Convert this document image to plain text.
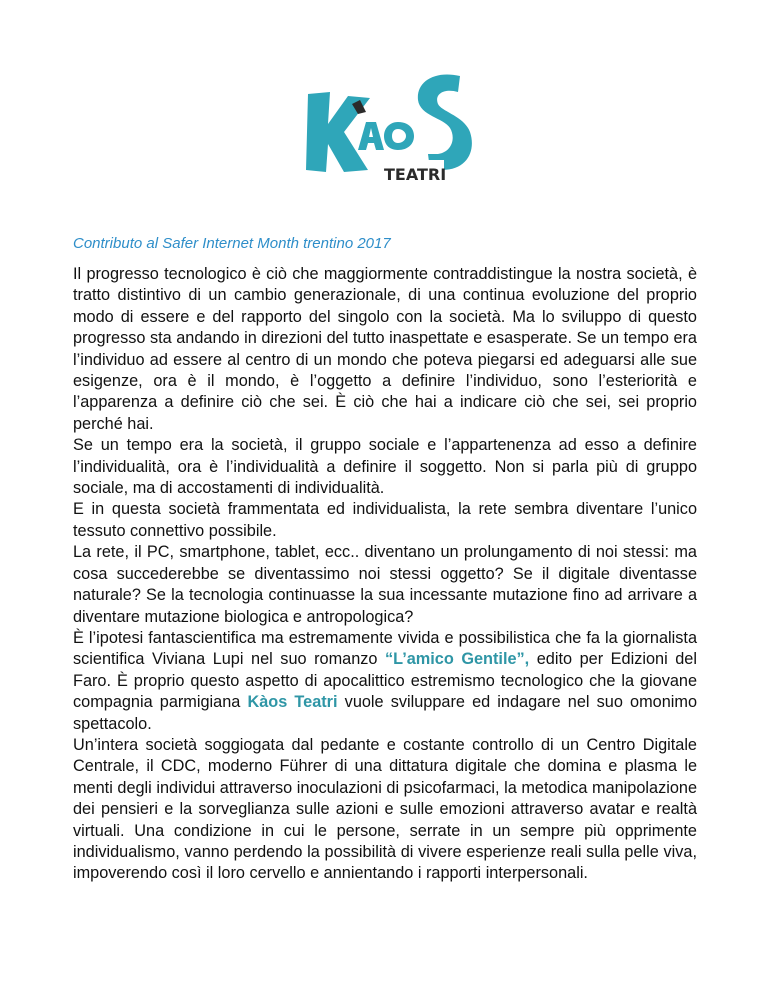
TEATRI
Contributo al Safer Internet Month trentino 2017

Il progresso tecnologico è ciò che maggiormente contraddistingue la nostra società, è tratto distintivo di un cambio generazionale, di una continua evoluzione del proprio modo di essere e del rapporto del singolo con la società. Ma lo sviluppo di questo progresso sta andando in direzioni del tutto inaspettate e esasperate. Se un tempo era l’individuo ad essere al centro di un mondo che poteva piegarsi ed adeguarsi alle sue esigenze, ora è il mondo, è l’oggetto a definire l’individuo, sono l’esteriorità e l’apparenza a definire ciò che sei. È ciò che hai a indicare ciò che sei, sei proprio perché hai.

Se un tempo era la società, il gruppo sociale e l’appartenenza ad esso a definire l’individualità, ora è l’individualità a definire il soggetto. Non si parla più di gruppo sociale, ma di accostamenti di individualità.

E in questa società frammentata ed individualista, la rete sembra diventare l’unico tessuto connettivo possibile.

La rete, il PC, smartphone, tablet, ecc.. diventano un prolungamento di noi stessi: ma cosa succederebbe se diventassimo noi stessi oggetto? Se il digitale diventasse naturale? Se la tecnologia continuasse la sua incessante mutazione fino ad arrivare a diventare mutazione biologica e antropologica?

È l’ipotesi fantascientifica ma estremamente vivida e possibilistica che fa la giornalista scientifica Viviana Lupi nel suo romanzo “L’amico Gentile”, edito per Edizioni del Faro. È proprio questo aspetto di apocalittico estremismo tecnologico che la giovane compagnia parmigiana Kàos Teatri vuole sviluppare ed indagare nel suo omonimo spettacolo.

Un’intera società soggiogata dal pedante e costante controllo di un Centro Digitale Centrale, il CDC, moderno Führer di una dittatura digitale che domina e plasma le menti degli individui attraverso inoculazioni di psicofarmaci, la metodica manipolazione dei pensieri e la sorveglianza sulle azioni e sulle emozioni attraverso avatar e realtà virtuali. Una condizione in cui le persone, serrate in un sempre più opprimente individualismo, vanno perdendo la possibilità di vivere esperienze reali sulla pelle viva, impoverendo così il loro cervello e annientando i rapporti interpersonali.
